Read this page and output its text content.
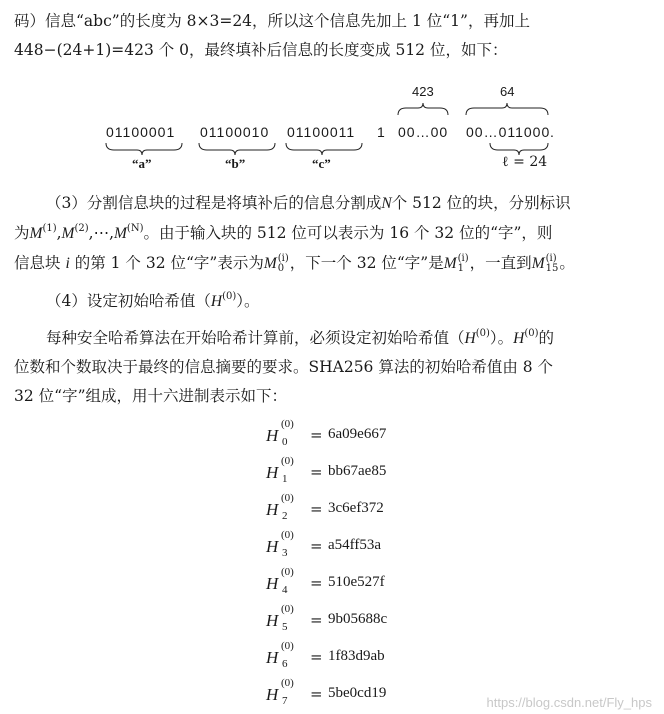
码）信息“abc”的长度为 8×3=24，所以这个信息先加上 1 位“1”，再加上
448−(24+1)=423 个 0，最终填补后信息的长度变成 512 位，如下：
423	64
01100001 01100010 01100011 1 00…00 00…011000 .
“a”	“b”	“c”	ℓ = 24
（3）分割信息块的过程是将填补后的信息分割成N个 512 位的块，分别标识
为$M^{(1)},M^{(2)},\cdots,M^{(N)}$。由于输入块的 512 位可以表示为 16 个 32 位的“字”，则
信息块 i 的第 1 个 32 位“字”表示为M (i)
0 ，下一个 32 位“字”是M (i)
1 ，一直到M (i)
15 。
（4）设定初始哈希值$(H^{(0)})$。
每种安全哈希算法在开始哈希计算前，必须设定初始哈希值$(H^{(0)})$。$H^{(0)}$的
位数和个数取决于最终的信息摘要的要求。SHA256 算法的初始哈希值由 8 个
32 位“字”组成，用十六进制表示如下：
H
(0)
0 = 6a09e667
H
(0)
1 = bb67ae85
H
(0)
2 = 3c6ef372
H
(0)
3 = a54ff53a
H
(0)
4 = 510e527f
H
(0)
5 = 9b05688c
H
(0)
6 = 1f83d9ab
H
(0)
7 = 5be0cd19
https://blog.csdn.net/Fly_hps
